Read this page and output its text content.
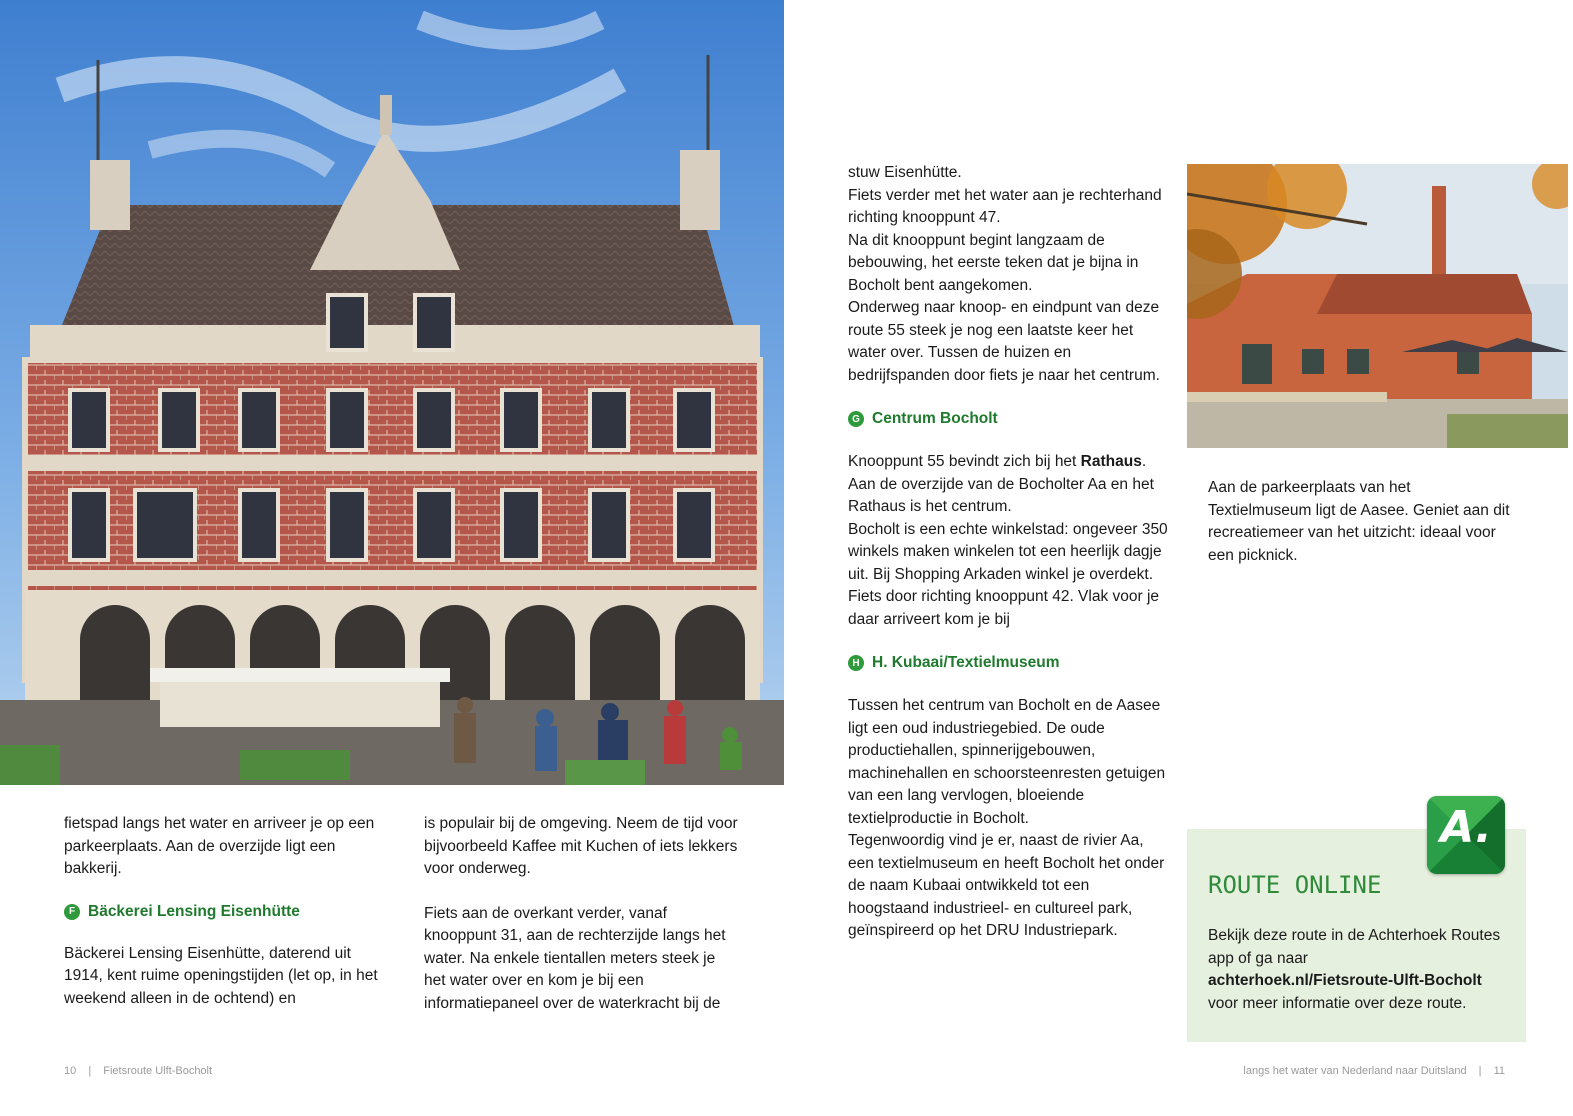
fietspad langs het water en arriveer je op een parkeerplaats. Aan de overzijde ligt een bakkerij.

F Bäckerei Lensing Eisenhütte

Bäckerei Lensing Eisenhütte, daterend uit 1914, kent ruime openingstijden (let op, in het weekend alleen in de ochtend) en

is populair bij de omgeving. Neem de tijd voor bijvoorbeeld Kaffee mit Kuchen of iets lekkers voor onderweg.

Fiets aan de overkant verder, vanaf knooppunt 31, aan de rechterzijde langs het water. Na enkele tientallen meters steek je het water over en kom je bij een informatiepaneel over de waterkracht bij de

stuw Eisenhütte.

Fiets verder met het water aan je rechterhand richting knooppunt 47.

Na dit knooppunt begint langzaam de bebouwing, het eerste teken dat je bijna in Bocholt bent aangekomen.

Onderweg naar knoop- en eindpunt van deze route 55 steek je nog een laatste keer het water over. Tussen de huizen en bedrijfspanden door fiets je naar het centrum.

G Centrum Bocholt

Knooppunt 55 bevindt zich bij het Rathaus. Aan de overzijde van de Bocholter Aa en het Rathaus is het centrum.

Bocholt is een echte winkelstad: ongeveer 350 winkels maken winkelen tot een heerlijk dagje uit. Bij Shopping Arkaden winkel je overdekt.

Fiets door richting knooppunt 42. Vlak voor je daar arriveert kom je bij

H H. Kubaai/Textielmuseum

Tussen het centrum van Bocholt en de Aasee ligt een oud industriegebied. De oude productiehallen, spinnerijgebouwen, machinehallen en schoorsteenresten getuigen van een lang vervlogen, bloeiende textielproductie in Bocholt.

Tegenwoordig vind je er, naast de rivier Aa, een textielmuseum en heeft Bocholt het onder de naam Kubaai ontwikkeld tot een hoogstaand industrieel- en cultureel park, geïnspireerd op het DRU Industriepark.

Aan de parkeerplaats van het Textielmuseum ligt de Aasee. Geniet aan dit recreatiemeer van het uitzicht: ideaal voor een picknick.

ROUTE ONLINE
Bekijk deze route in de Achterhoek Routes app of ga naar
achterhoek.nl/Fietsroute-Ulft-Bocholt
voor meer informatie over deze route.
A.
10 | Fietsroute Ulft-Bocholt	langs het water van Nederland naar Duitsland | 11
